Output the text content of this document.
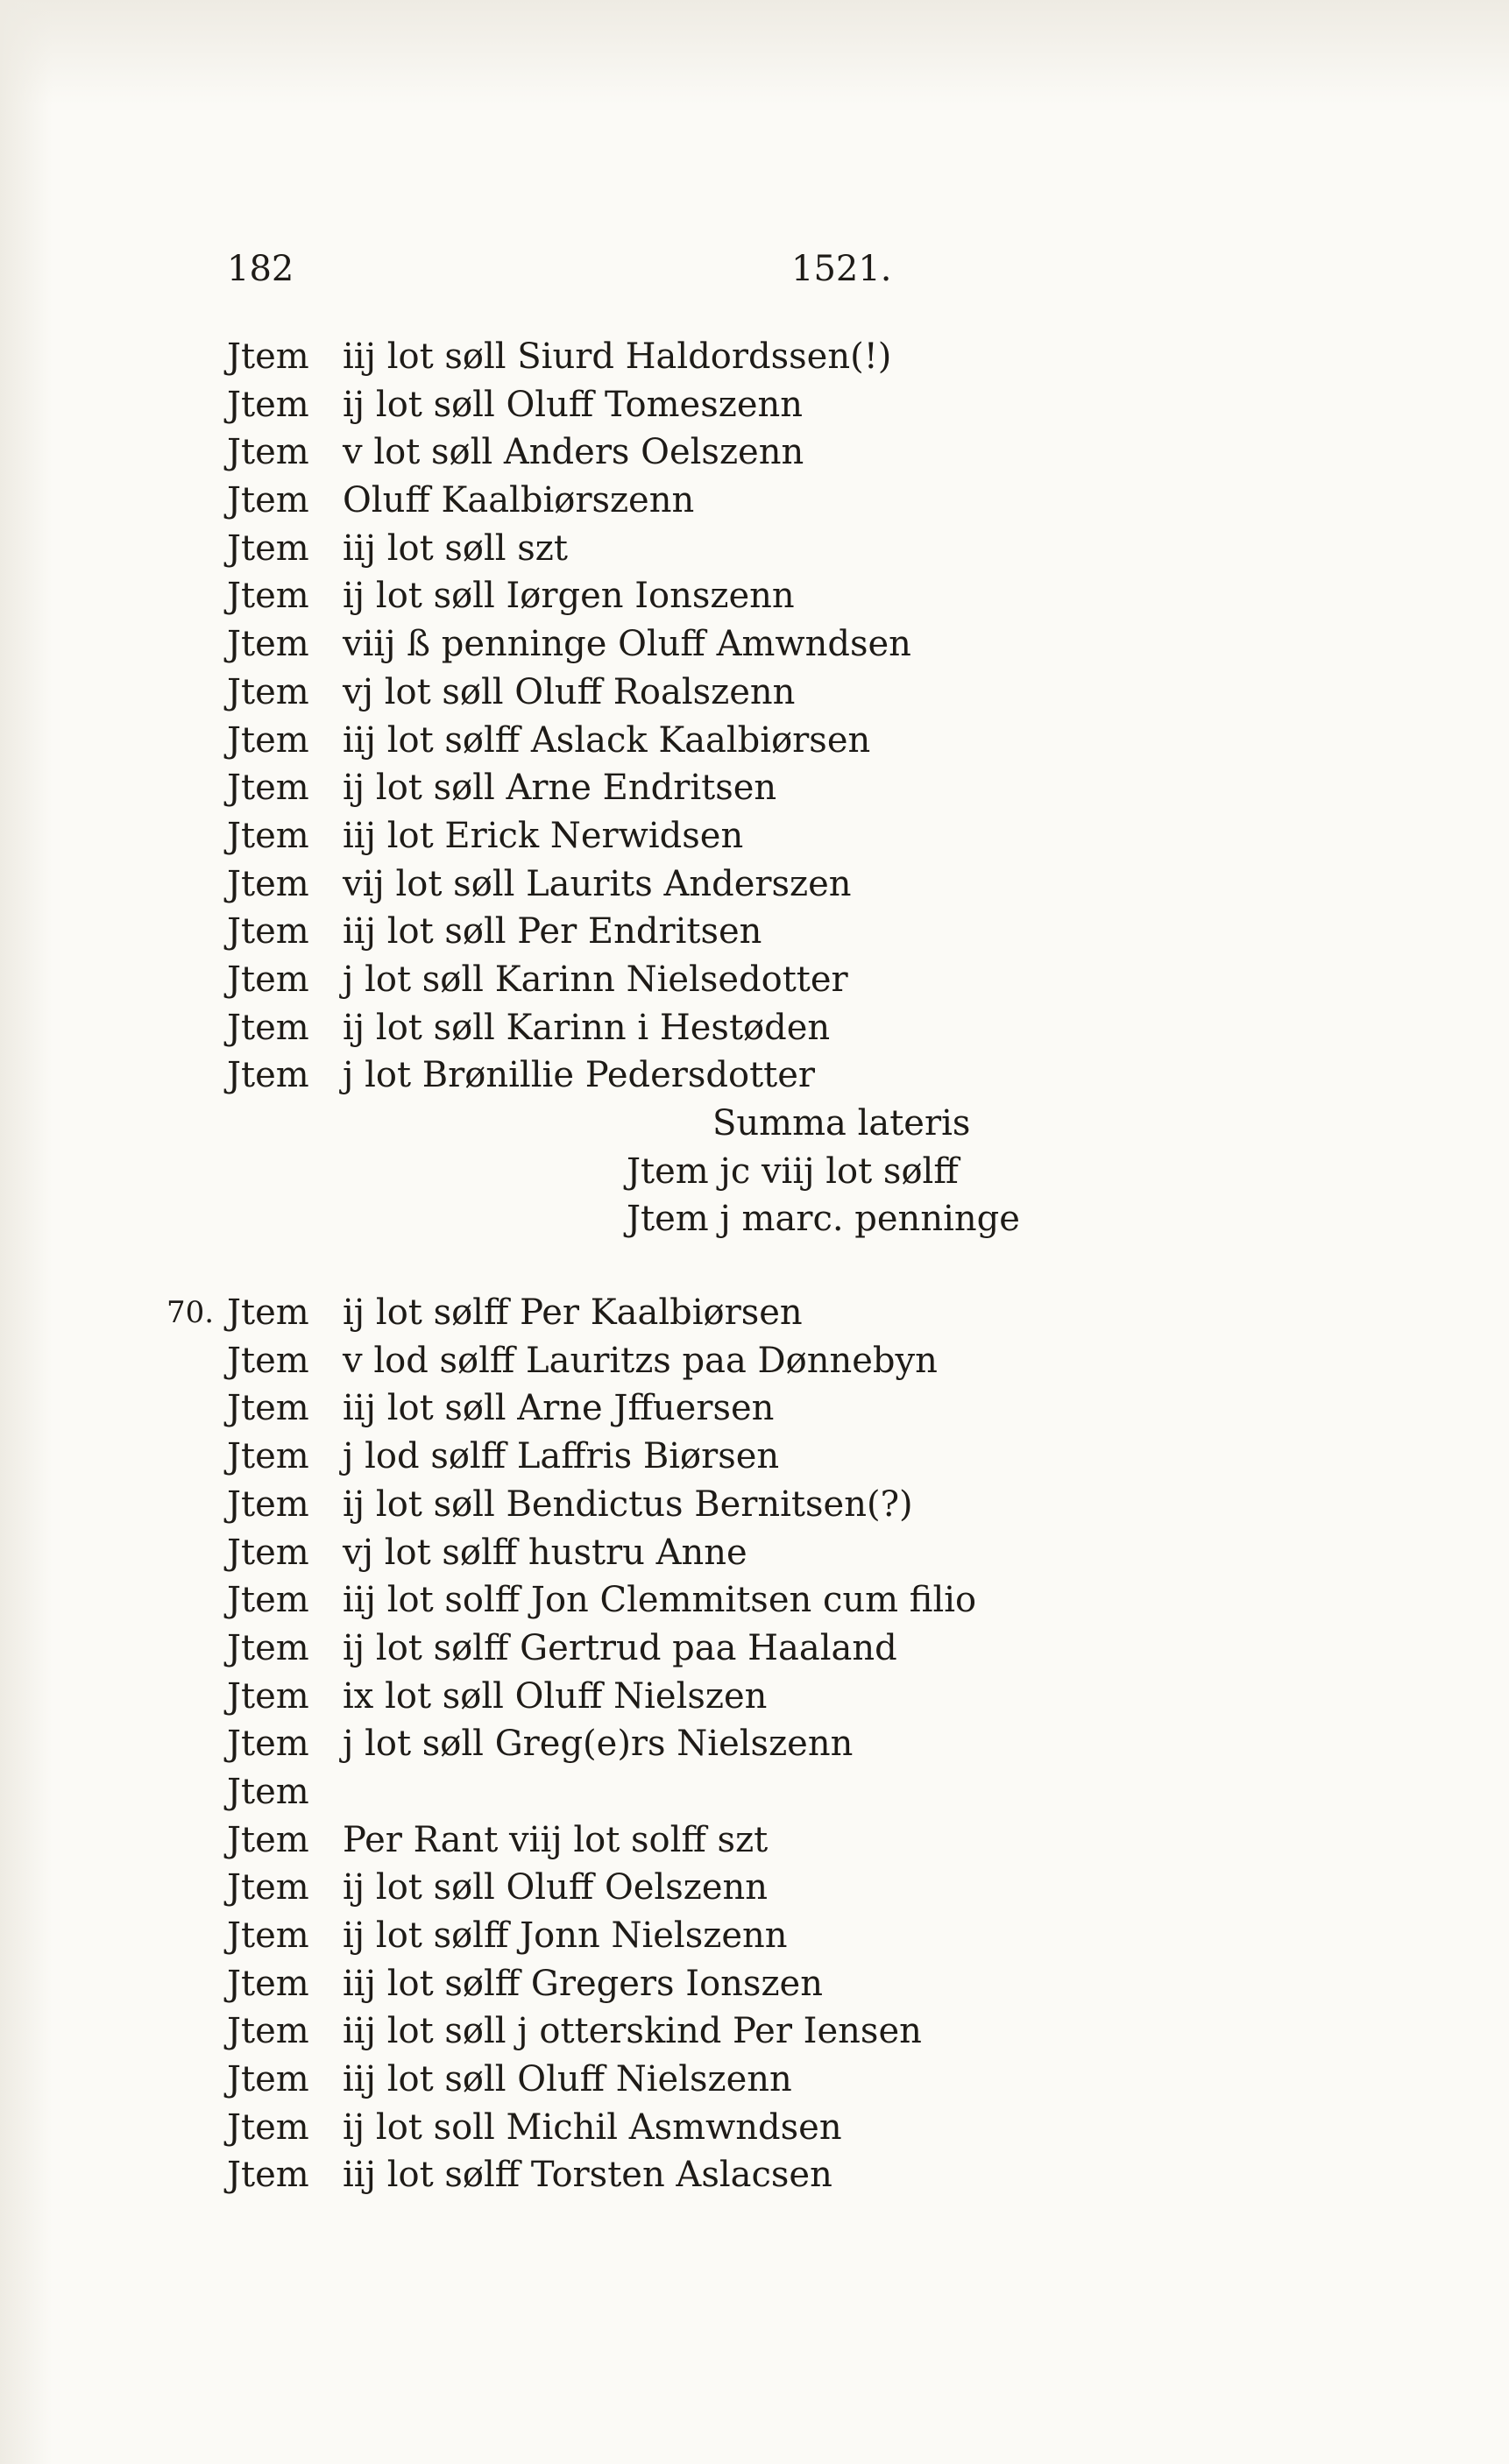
182	1521.
Jtem iij lot søll Siurd Haldordssen(!)
Jtem ij lot søll Oluff Tomeszenn
Jtem v lot søll Anders Oelszenn
Jtem Oluff Kaalbiørszenn
Jtem iij lot søll szt
Jtem ij lot søll Iørgen Ionszenn
Jtem viij ß penninge Oluff Amwndsen
Jtem vj lot søll Oluff Roalszenn
Jtem iij lot sølff Aslack Kaalbiørsen
Jtem ij lot søll Arne Endritsen
Jtem iij lot Erick Nerwidsen
Jtem vij lot søll Laurits Anderszen
Jtem iij lot søll Per Endritsen
Jtem j lot søll Karinn Nielsedotter
Jtem ij lot søll Karinn i Hestøden
Jtem j lot Brønillie Pedersdotter
Summa lateris
Jtem jc viij lot sølff
Jtem j marc. penninge
70. Jtem ij lot sølff Per Kaalbiørsen
Jtem v lod sølff Lauritzs paa Dønnebyn
Jtem iij lot søll Arne Jffuersen
Jtem j lod sølff Laffris Biørsen
Jtem ij lot søll Bendictus Bernitsen(?)
Jtem vj lot sølff hustru Anne
Jtem iij lot solff Jon Clemmitsen cum filio
Jtem ij lot sølff Gertrud paa Haaland
Jtem ix lot søll Oluff Nielszen
Jtem j lot søll Greg(e)rs Nielszenn
Jtem
Jtem Per Rant viij lot solff szt
Jtem ij lot søll Oluff Oelszenn
Jtem ij lot sølff Jonn Nielszenn
Jtem iij lot sølff Gregers Ionszen
Jtem iij lot søll j otterskind Per Iensen
Jtem iij lot søll Oluff Nielszenn
Jtem ij lot soll Michil Asmwndsen
Jtem iij lot sølff Torsten Aslacsen
